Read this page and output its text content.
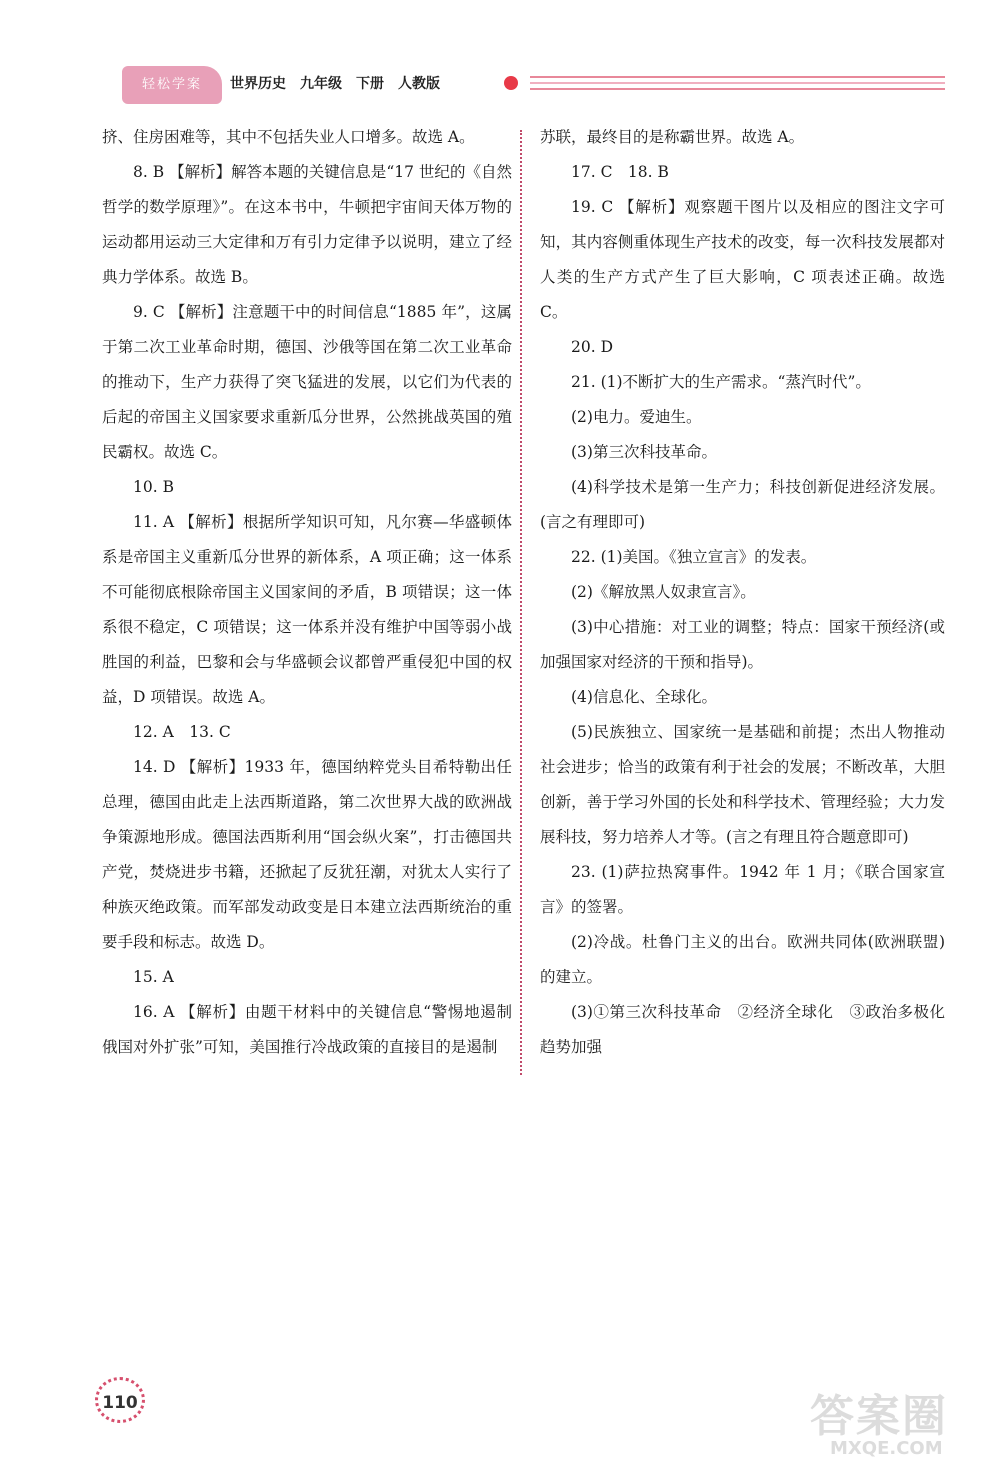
轻松学案	世界历史　九年级　下册　人教版

挤、住房困难等，其中不包括失业人口增多。故选 A。

8. B 【解析】解答本题的关键信息是“17 世纪的《自然哲学的数学原理》”。在这本书中，牛顿把宇宙间天体万物的运动都用运动三大定律和万有引力定律予以说明，建立了经典力学体系。故选 B。

9. C 【解析】注意题干中的时间信息“1885 年”，这属于第二次工业革命时期，德国、沙俄等国在第二次工业革命的推动下，生产力获得了突飞猛进的发展，以它们为代表的后起的帝国主义国家要求重新瓜分世界，公然挑战英国的殖民霸权。故选 C。

10. B

11. A 【解析】根据所学知识可知，凡尔赛—华盛顿体系是帝国主义重新瓜分世界的新体系，A 项正确；这一体系不可能彻底根除帝国主义国家间的矛盾，B 项错误；这一体系很不稳定，C 项错误；这一体系并没有维护中国等弱小战胜国的利益，巴黎和会与华盛顿会议都曾严重侵犯中国的权益，D 项错误。故选 A。

12. A　13. C

14. D 【解析】1933 年，德国纳粹党头目希特勒出任总理，德国由此走上法西斯道路，第二次世界大战的欧洲战争策源地形成。德国法西斯利用“国会纵火案”，打击德国共产党，焚烧进步书籍，还掀起了反犹狂潮，对犹太人实行了种族灭绝政策。而军部发动政变是日本建立法西斯统治的重要手段和标志。故选 D。

15. A

16. A 【解析】由题干材料中的关键信息“警惕地遏制俄国对外扩张”可知，美国推行冷战政策的直接目的是遏制

苏联，最终目的是称霸世界。故选 A。

17. C　18. B

19. C 【解析】观察题干图片以及相应的图注文字可知，其内容侧重体现生产技术的改变，每一次科技发展都对人类的生产方式产生了巨大影响，C 项表述正确。故选 C。

20. D

21. (1)不断扩大的生产需求。“蒸汽时代”。

(2)电力。爱迪生。

(3)第三次科技革命。

(4)科学技术是第一生产力；科技创新促进经济发展。(言之有理即可)

22. (1)美国。《独立宣言》的发表。

(2)《解放黑人奴隶宣言》。

(3)中心措施：对工业的调整；特点：国家干预经济(或加强国家对经济的干预和指导)。

(4)信息化、全球化。

(5)民族独立、国家统一是基础和前提；杰出人物推动社会进步；恰当的政策有利于社会的发展；不断改革，大胆创新，善于学习外国的长处和科学技术、管理经验；大力发展科技，努力培养人才等。(言之有理且符合题意即可)

23. (1)萨拉热窝事件。1942 年 1 月；《联合国家宣言》的签署。

(2)冷战。杜鲁门主义的出台。欧洲共同体(欧洲联盟)的建立。

(3)①第三次科技革命　②经济全球化　③政治多极化趋势加强

110	答案圈
MXQE.COM
